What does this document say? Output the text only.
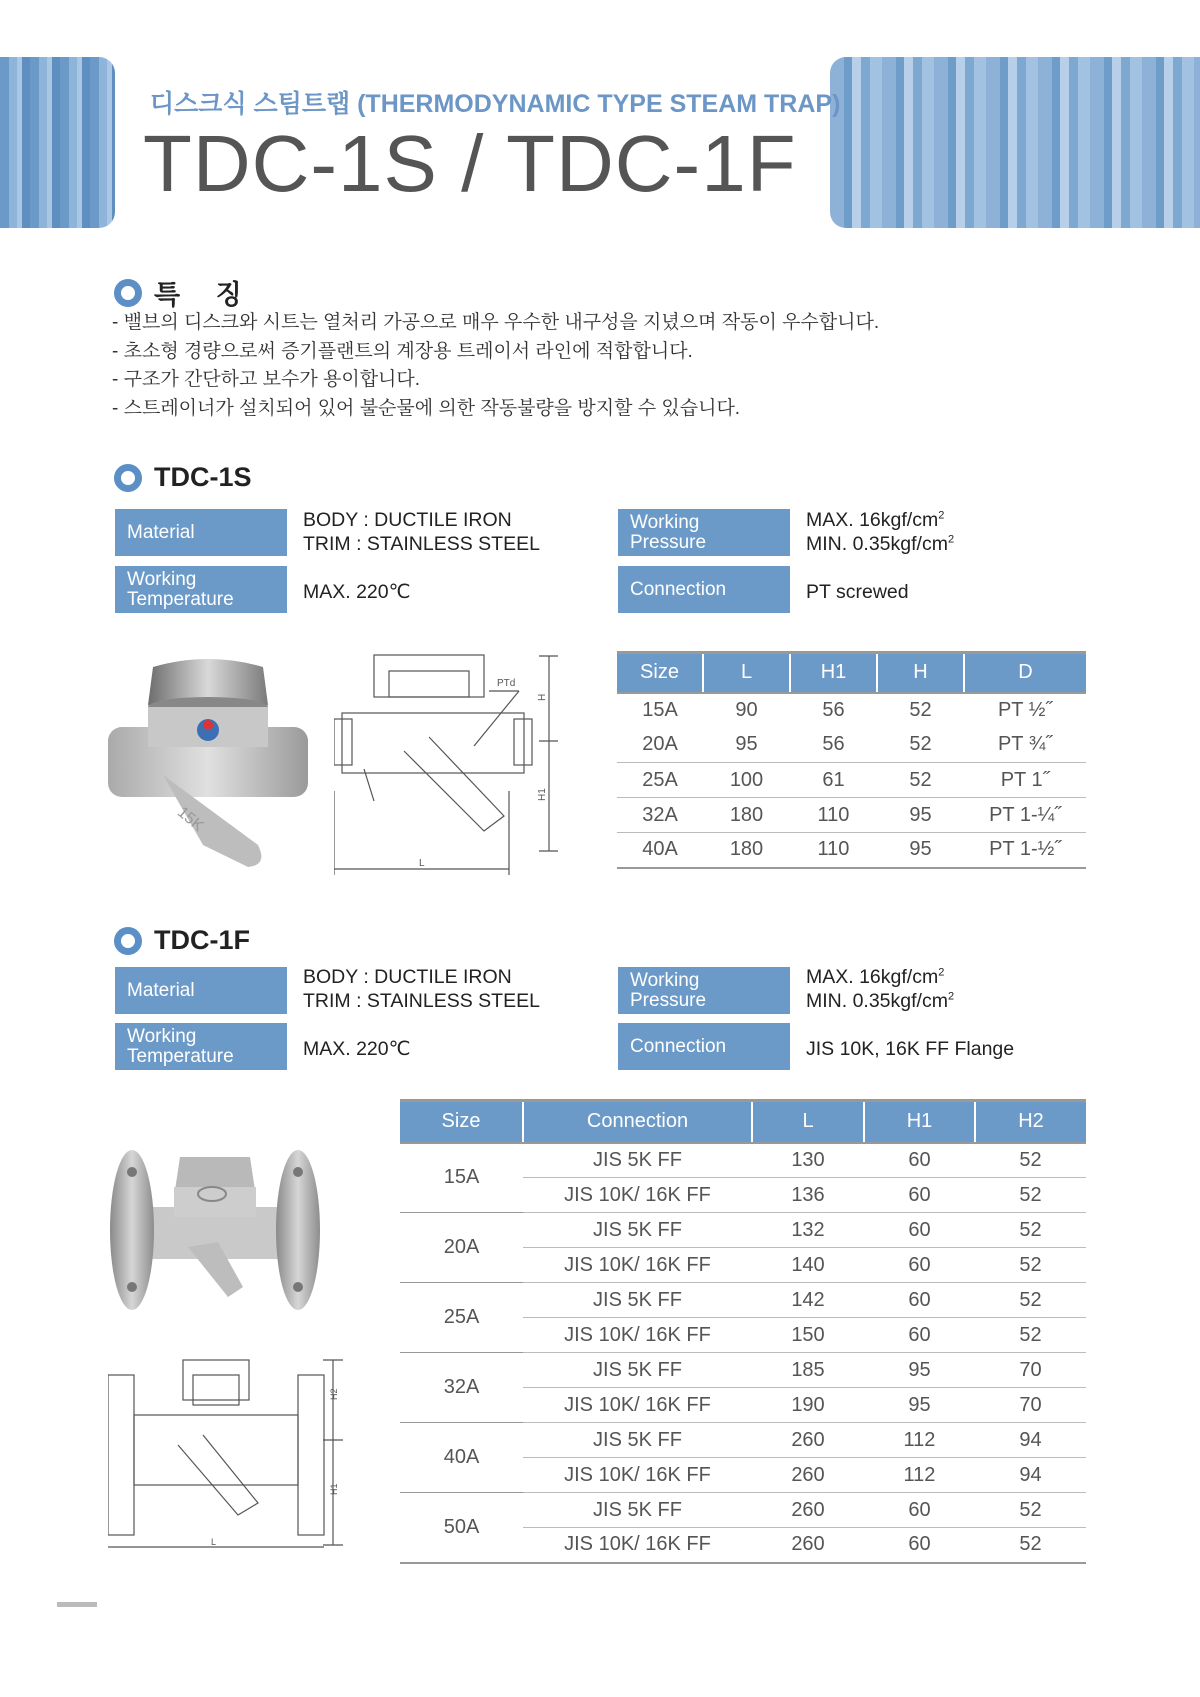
디스크식 스팀트랩 (THERMODYNAMIC TYPE STEAM TRAP)
TDC-1S / TDC-1F
특 징
- 밸브의 디스크와 시트는 열처리 가공으로 매우 우수한 내구성을 지녔으며 작동이 우수합니다.
- 초소형 경량으로써 증기플랜트의 계장용 트레이서 라인에 적합합니다.
- 구조가 간단하고 보수가 용이합니다.
- 스트레이너가 설치되어 있어 불순물에 의한 작동불량을 방지할 수 있습니다.
TDC-1S
Material
BODY : DUCTILE IRON
TRIM : STAINLESS STEEL
Working
Temperature	MAX. 220℃
Working
Pressure
MAX. $16kgf/cm^2$
MIN. $0.35kgf/cm^2$
Connection	PT screwed
15K
PTd
H
H1
L
Size	L	H1	H	D
15A	90	56	52	PT ½˝
20A	95	56	52	PT ¾˝
25A	100	61	52	PT 1˝
32A	180	110	95	PT 1-¼˝
40A	180	110	95	PT 1-½˝
TDC-1F
Material
BODY : DUCTILE IRON
TRIM : STAINLESS STEEL
Working
Temperature	MAX. 220℃
Working
Pressure
MAX. $16kgf/cm^2$
MIN. $0.35kgf/cm^2$
Connection	JIS 10K, 16K FF Flange
H2
H1
L
Size	Connection	L	H1	H2
15A	JIS 5K FF	130	60	52
	JIS 10K/ 16K FF	136	60	52
20A	JIS 5K FF	132	60	52
	JIS 10K/ 16K FF	140	60	52
25A	JIS 5K FF	142	60	52
	JIS 10K/ 16K FF	150	60	52
32A	JIS 5K FF	185	95	70
	JIS 10K/ 16K FF	190	95	70
40A	JIS 5K FF	260	112	94
	JIS 10K/ 16K FF	260	112	94
50A	JIS 5K FF	260	60	52
	JIS 10K/ 16K FF	260	60	52
